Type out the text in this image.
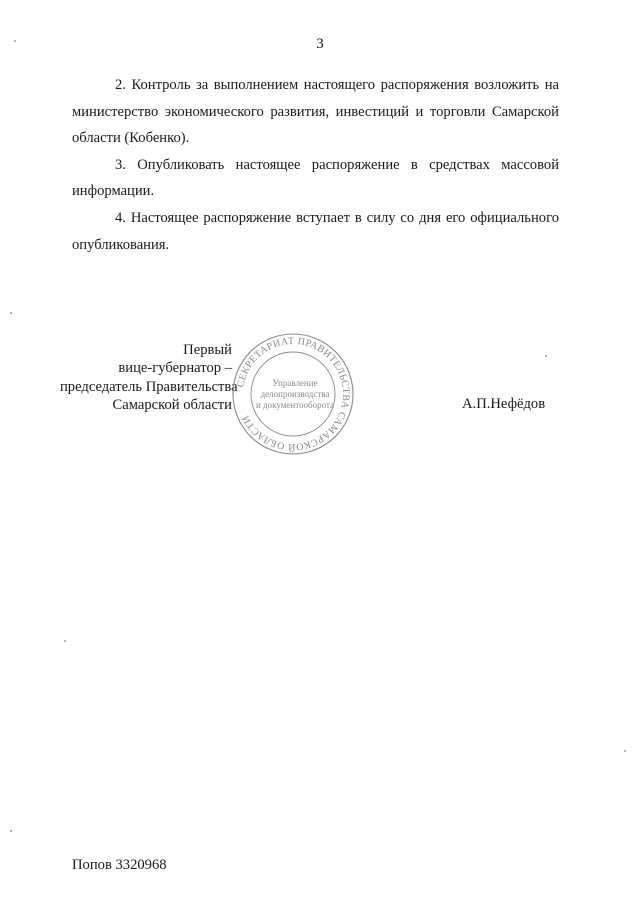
3

2. Контроль за выполнением настоящего распоряжения возложить на министерство экономического развития, инвестиций и торговли Самарской области (Кобенко).

3. Опубликовать настоящее распоряжение в средствах массовой информации.

4. Настоящее распоряжение вступает в силу со дня его официального опубликования.

Первый
вице-губернатор –
председатель Правительства
Самарской области
СЕКРЕТАРИАТ ПРАВИТЕЛЬСТВА САМАРСКОЙ ОБЛАСТИ
Управление
делопроизводства
и документооборота	А.П.Нефёдов
Попов 3320968
